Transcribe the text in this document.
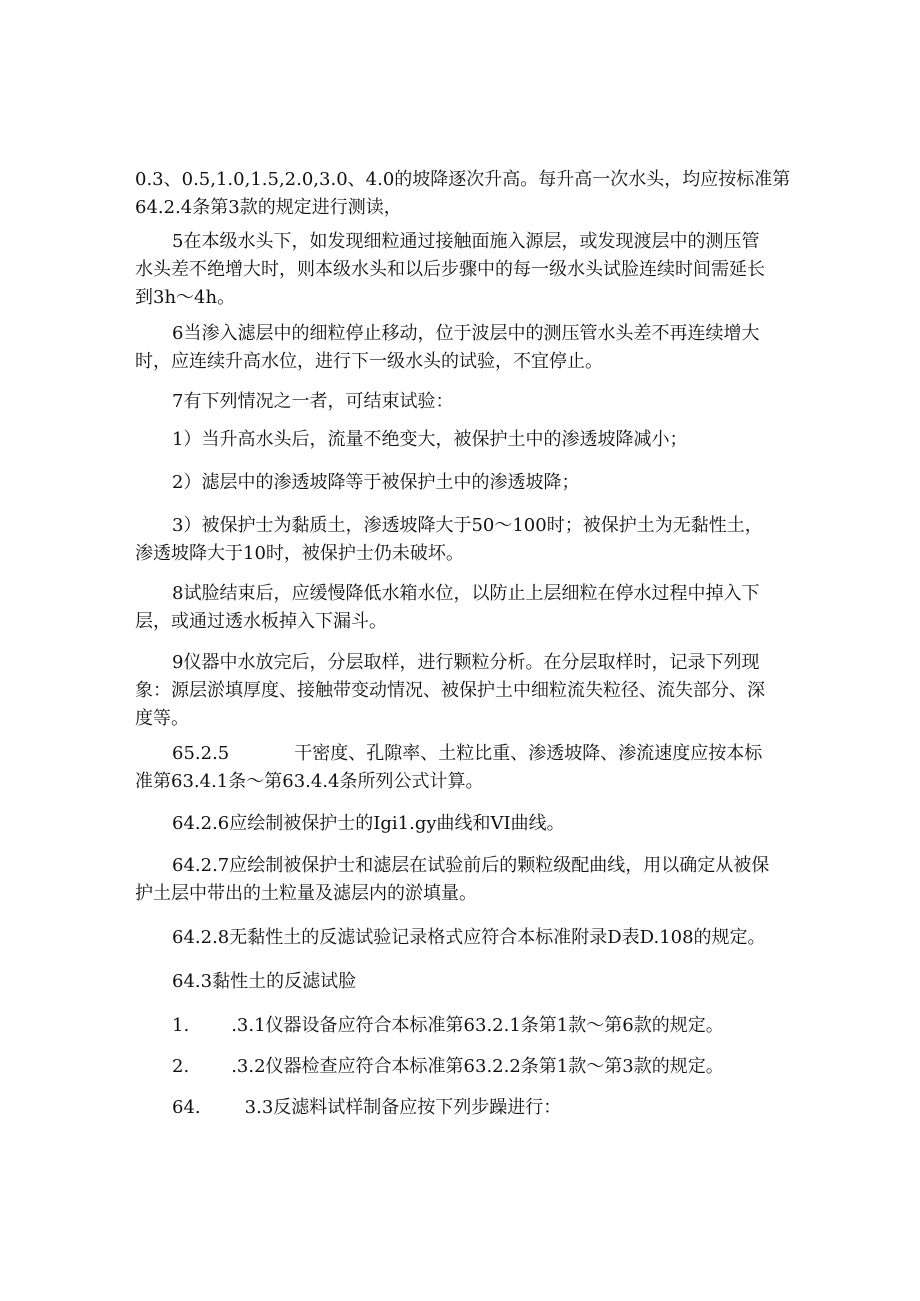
0.3、0.5,1.0,1.5,2.0,3.0、4.0的坡降逐次升高。每升高一次水头，均应按标准第
64.2.4条第3款的规定进行测读，
5在本级水头下，如发现细粒通过接触面施入源层，或发现渡层中的测压管
水头差不绝增大时，则本级水头和以后步骤中的每一级水头试脸连续时间需延长
到3h～4h。
6当渗入滤层中的细粒停止移动，位于波层中的测压管水头差不再连续增大
时，应连续升高水位，进行下一级水头的试验，不宜停止。
7有下列情况之一者，可结束试验：
1）当升高水头后，流量不绝变大，被保护土中的渗透坡降减小；
2）滤层中的渗透坡降等于被保护土中的渗透坡降；
3）被保护士为黏质土，渗透坡降大于50～100时；被保护土为无黏性土，
渗透坡降大于10时，被保护士仍未破坏。
8试脸结束后，应缓慢降低水箱水位，以防止上层细粒在停水过程中掉入下
层，或通过透水板掉入下漏斗。
9仪器中水放完后，分层取样，进行颗粒分析。在分层取样时，记录下列现
象：源层淤填厚度、接触带变动情况、被保护土中细粒流失粒径、流失部分、深
度等。
65.2.5	干密度、孔隙率、土粒比重、渗透坡降、渗流速度应按本标
准第63.4.1条〜第63.4.4条所列公式计算。
64.2.6应绘制被保护士的Igi1.gy曲线和VI曲线。
64.2.7应绘制被保护士和滤层在试验前后的颗粒级配曲线，用以确定从被保
护土层中带出的土粒量及滤层内的淤填量。
64.2.8无黏性土的反滤试验记录格式应符合本标准附录D表D.108的规定。
64.3黏性土的反滤试脸
1. .3.1仪器设备应符合本标准第63.2.1条第1款〜第6款的规定。
2. .3.2仪器检查应符合本标准第63.2.2条第1款〜第3款的规定。
64. 3.3反滤料试样制备应按下列步躁进行：
